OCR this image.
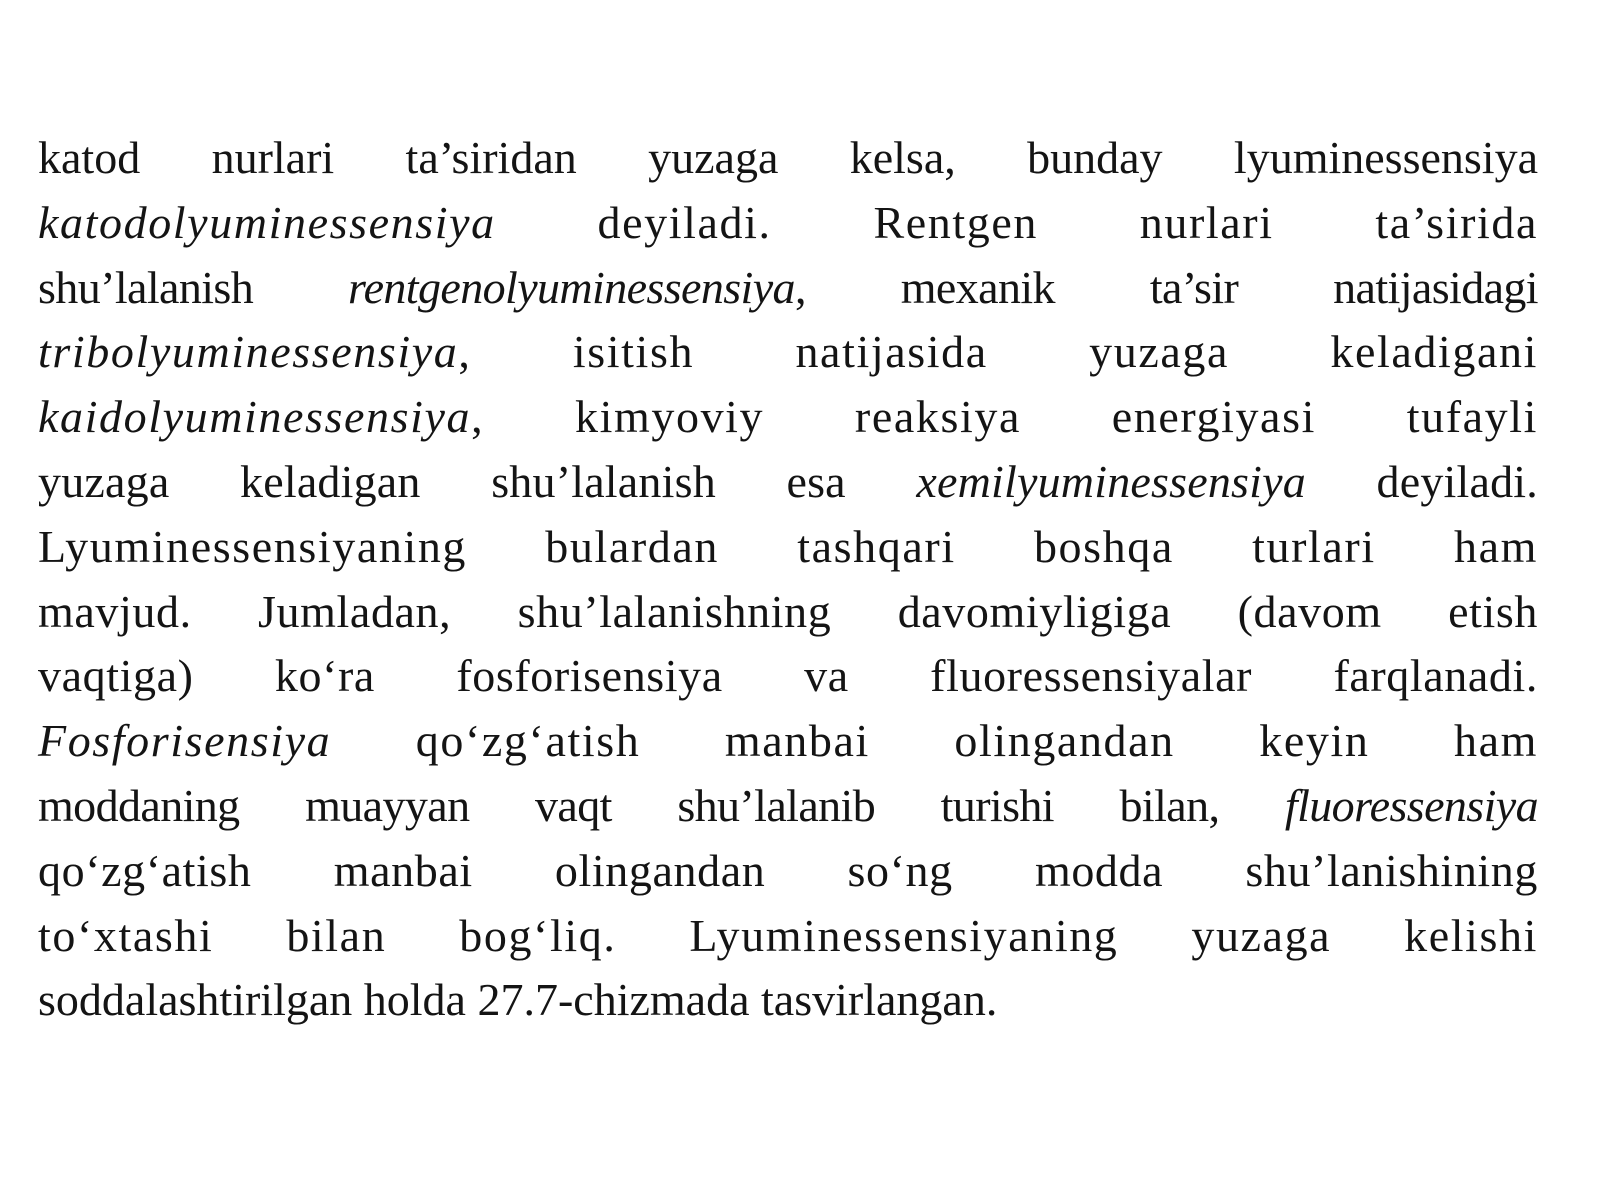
katod nurlari ta’siridan yuzaga kelsa, bunday lyuminessensiya
katodolyuminessensiya deyiladi. Rentgen nurlari ta’sirida
shu’lalanish rentgenolyuminessensiya, mexanik ta’sir natijasidagi
tribolyuminessensiya, isitish natijasida yuzaga keladigani
kaidolyuminessensiya, kimyoviy reaksiya energiyasi tufayli
yuzaga keladigan shu’lalanish esa xemilyuminessensiya deyiladi.
Lyuminessensiyaning bulardan tashqari boshqa turlari ham
mavjud. Jumladan, shu’lalanishning davomiyligiga (davom etish
vaqtiga) ko‘ra fosforisensiya va fluoressensiyalar farqlanadi.
Fosforisensiya qo‘zg‘atish manbai olingandan keyin ham
moddaning muayyan vaqt shu’lalanib turishi bilan, fluoressensiya
qo‘zg‘atish manbai olingandan so‘ng modda shu’lanishining
to‘xtashi bilan bog‘liq. Lyuminessensiyaning yuzaga kelishi
soddalashtirilgan holda 27.7-chizmada tasvirlangan.
